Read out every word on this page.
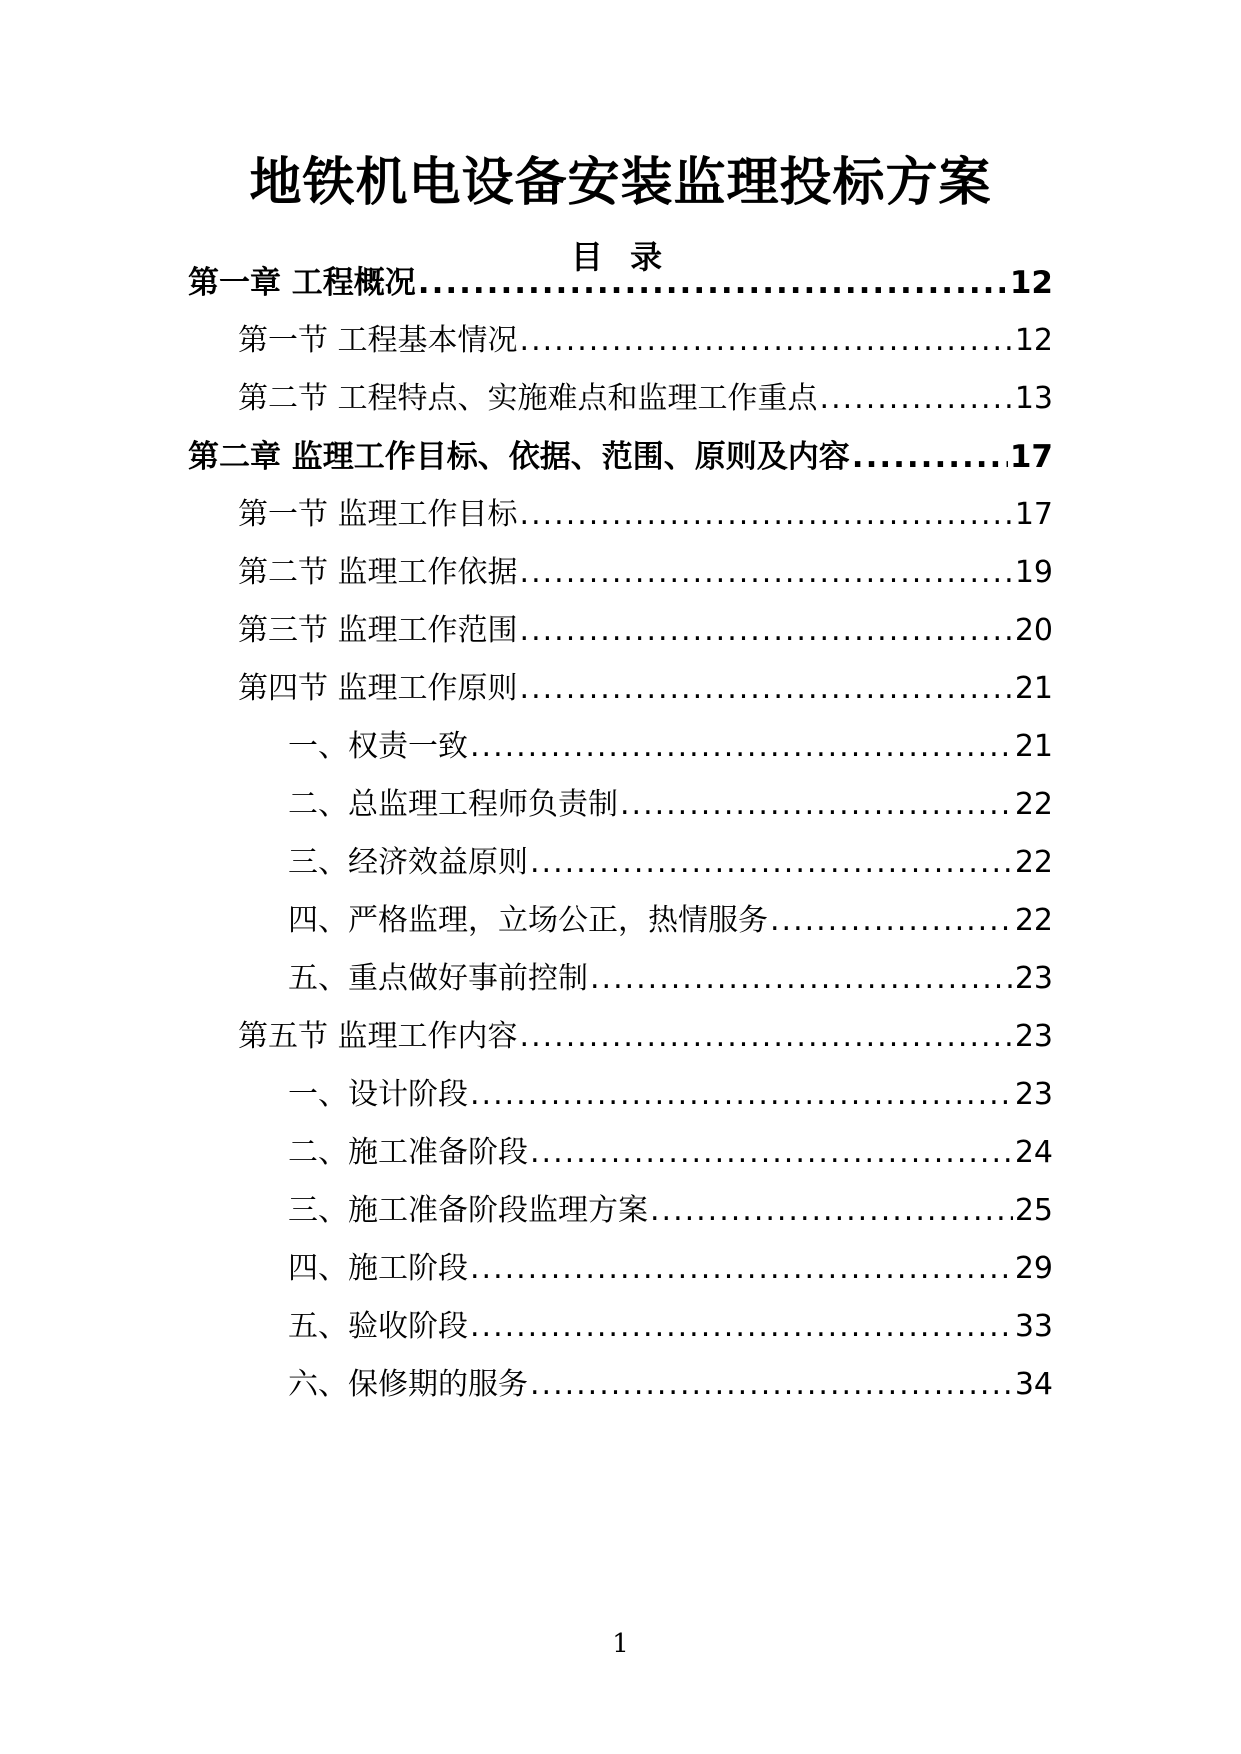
地铁机电设备安装监理投标方案
目 录
第一章 工程概况 .....	12
第一节 工程基本情况 .....	12
第二节 工程特点、实施难点和监理工作重点 .....	13
第二章 监理工作目标、依据、范围、原则及内容 .....	17
第一节 监理工作目标 .....	17
第二节 监理工作依据 .....	19
第三节 监理工作范围 .....	20
第四节 监理工作原则 .....	21
一、权责一致 .....	21
二、总监理工程师负责制 .....	22
三、经济效益原则 .....	22
四、严格监理，立场公正，热情服务 .....	22
五、重点做好事前控制 .....	23
第五节 监理工作内容 .....	23
一、设计阶段 .....	23
二、施工准备阶段 .....	24
三、施工准备阶段监理方案 .....	25
四、施工阶段 .....	29
五、验收阶段 .....	33
六、保修期的服务 .....	34
1
